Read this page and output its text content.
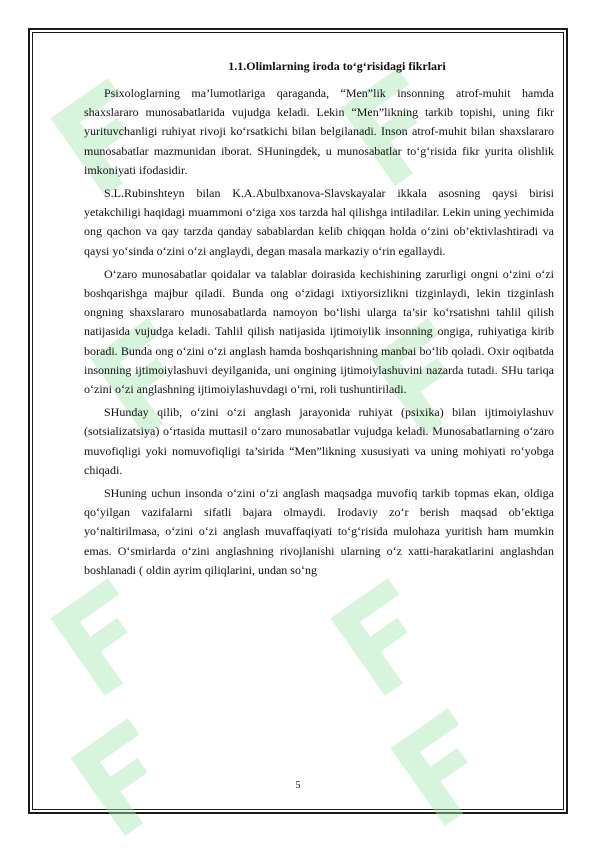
1.1.Olimlarning iroda to‘g‘risidagi fikrlari

Psixologlarning ma’lumotlariga qaraganda, “Men”lik insonning atrof-muhit hamda shaxslararo munosabatlarida vujudga keladi. Lekin “Men”likning tarkib topishi, uning fikr yurituvchanligi ruhiyat rivoji ko‘rsatkichi bilan belgilanadi. Inson atrof-muhit bilan shaxslararo munosabatlar mazmunidan iborat. SHuningdek, u munosabatlar to‘g‘risida fikr yurita olishlik imkoniyati ifodasidir.

S.L.Rubinshteyn bilan K.A.Abulbxanova-Slavskayalar ikkala asosning qaysi birisi yetakchiligi haqidagi muammoni o‘ziga xos tarzda hal qilishga intiladilar. Lekin uning yechimida ong qachon va qay tarzda qanday sabablardan kelib chiqqan holda o‘zini ob’ektivlashtiradi va qaysi yo‘sinda o‘zini o‘zi anglaydi, degan masala markaziy o‘rin egallaydi.

O‘zaro munosabatlar qoidalar va talablar doirasida kechishining zarurligi ongni o‘zini o‘zi boshqarishga majbur qiladi. Bunda ong o‘zidagi ixtiyorsizlikni tizginlaydi, lekin tizginlash ongning shaxslararo munosabatlarda namoyon bo‘lishi ularga ta’sir ko‘rsatishni tahlil qilish natijasida vujudga keladi. Tahlil qilish natijasida ijtimoiylik insonning ongiga, ruhiyatiga kirib boradi. Bunda ong o‘zini o‘zi anglash hamda boshqarishning manbai bo‘lib qoladi. Oxir oqibatda insonning ijtimoiylashuvi deyilganida, uni ongining ijtimoiylashuvini nazarda tutadi. SHu tariqa o‘zini o‘zi anglashning ijtimoiylashuvdagi o‘rni, roli tushuntiriladi.

SHunday qilib, o‘zini o‘zi anglash jarayonida ruhiyat (psixika) bilan ijtimoiylashuv (sotsializatsiya) o‘rtasida muttasil o‘zaro munosabatlar vujudga keladi. Munosabatlarning o‘zaro muvofiqligi yoki nomuvofiqligi ta’sirida “Men”likning xususiyati va uning mohiyati ro‘yobga chiqadi.

SHuning uchun insonda o‘zini o‘zi anglash maqsadga muvofiq tarkib topmas ekan, oldiga qo‘yilgan vazifalarni sifatli bajara olmaydi. Irodaviy zo‘r berish maqsad ob’ektiga yo‘naltirilmasa, o‘zini o‘zi anglash muvaffaqiyati to‘g‘risida mulohaza yuritish ham mumkin emas. O‘smirlarda o‘zini anglashning rivojlanishi ularning o‘z xatti-harakatlarini anglashdan boshlanadi ( oldin ayrim qiliqlarini, undan so‘ng

5
